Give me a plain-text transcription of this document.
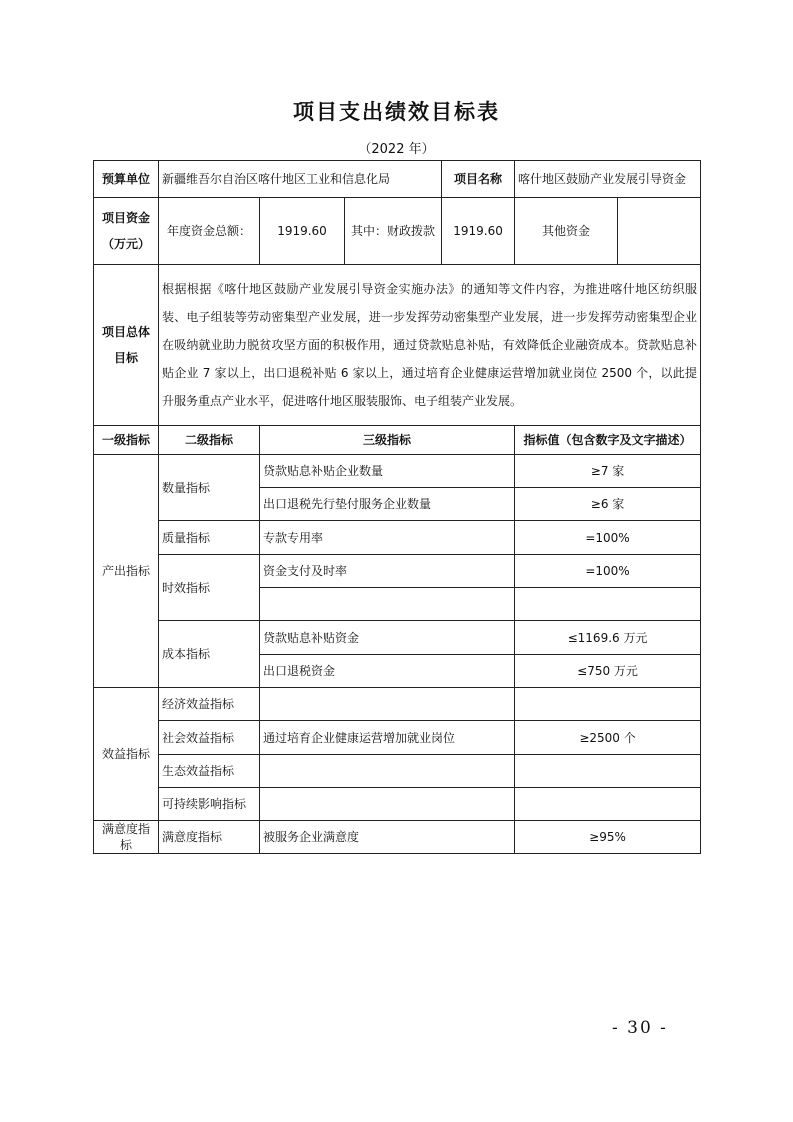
项目支出绩效目标表
（2022 年）
预算单位	新疆维吾尔自治区喀什地区工业和信息化局			项目名称	喀什地区鼓励产业发展引导资金	
项目资金
（万元）	年度资金总额：	1919.60	其中：财政拨款	1919.60	其他资金	
项目总体目标	根据根据《喀什地区鼓励产业发展引导资金实施办法》的通知等文件内容，为推进喀什地区纺织服装、电子组装等劳动密集型产业发展，进一步发挥劳动密集型产业发展，进一步发挥劳动密集型企业在吸纳就业助力脱贫攻坚方面的积极作用，通过贷款贴息补贴，有效降低企业融资成本。贷款贴息补贴企业 7 家以上，出口退税补贴 6 家以上，通过培育企业健康运营增加就业岗位 2500 个，以此提升服务重点产业水平，促进喀什地区服装服饰、电子组装产业发展。					
一级指标	二级指标	三级指标			指标值（包含数字及文字描述）	
产出指标	数量指标	贷款贴息补贴企业数量			≥7 家	
		出口退税先行垫付服务企业数量			≥6 家	
	质量指标	专款专用率			=100%	
	时效指标	资金支付及时率			=100%	

	成本指标	贷款贴息补贴资金			≤1169.6 万元	
		出口退税资金			≤750 万元	
效益指标	经济效益指标					
	社会效益指标	通过培育企业健康运营增加就业岗位			≥2500 个	
	生态效益指标					
	可持续影响指标					
满意度指标	满意度指标	被服务企业满意度			≥95%	
- 30 -
